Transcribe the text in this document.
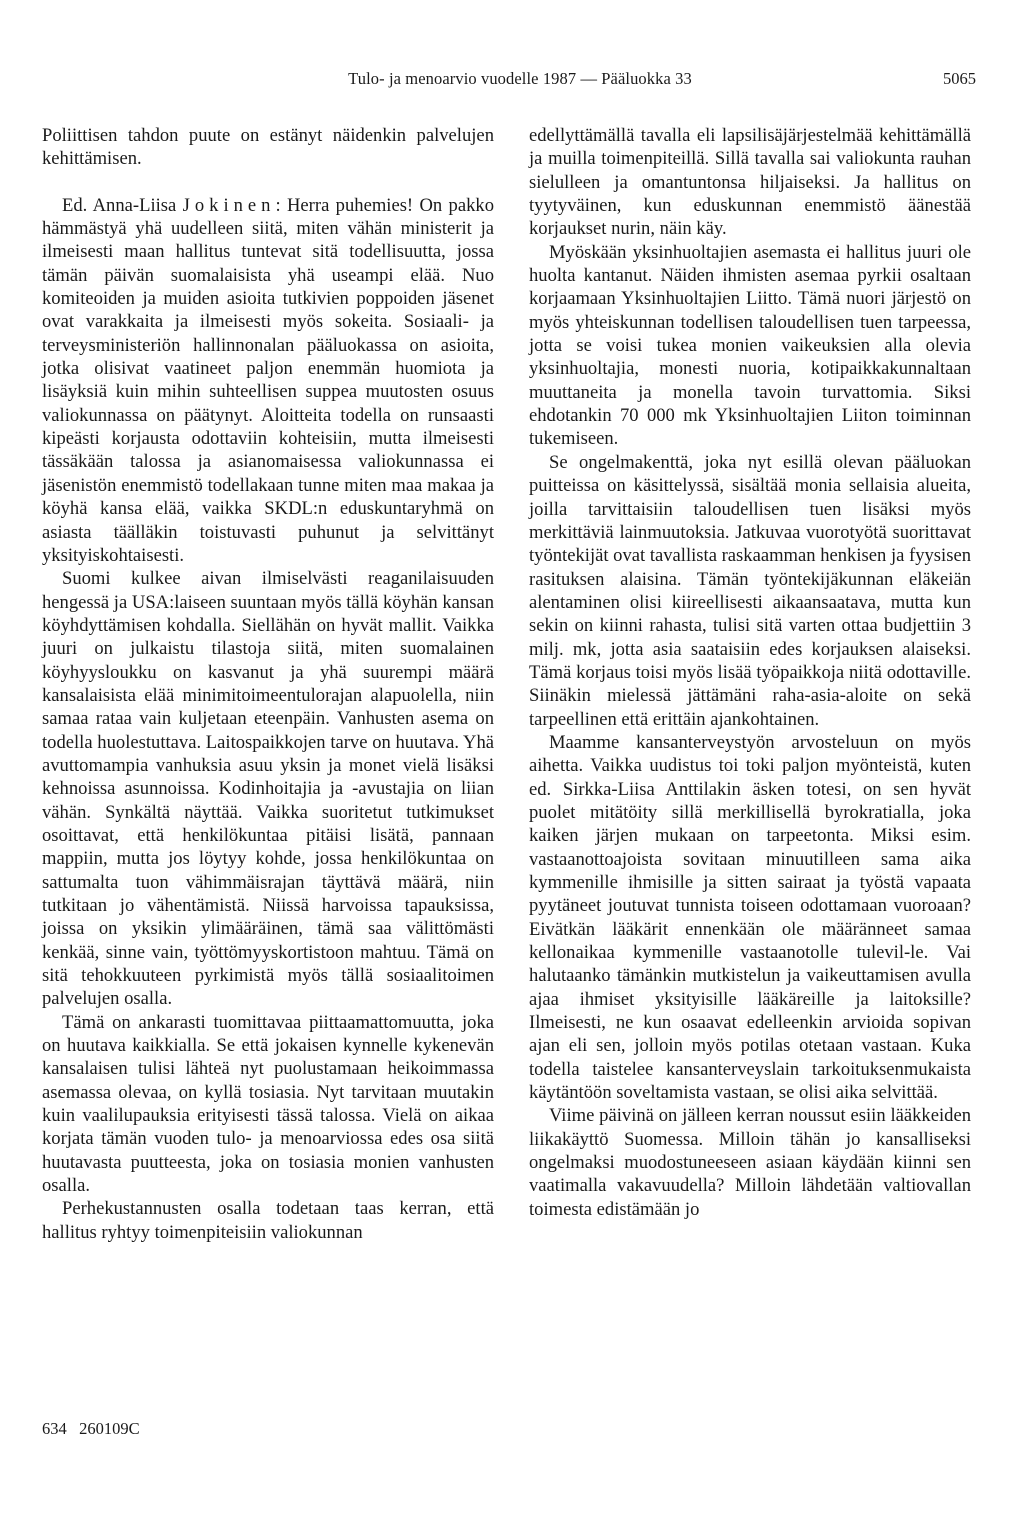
Tulo- ja menoarvio vuodelle 1987 — Pääluokka 33	5065

Poliittisen tahdon puute on estänyt näidenkin palvelujen kehittämisen.

Ed. Anna-Liisa Jokinen: Herra puhemies! On pakko hämmästyä yhä uudelleen siitä, miten vähän ministerit ja ilmeisesti maan hallitus tuntevat sitä todellisuutta, jossa tämän päivän suomalaisista yhä useampi elää. Nuo komiteoiden ja muiden asioita tutkivien poppoiden jäsenet ovat varakkaita ja ilmeisesti myös sokeita. Sosiaali- ja terveysministeriön hallinnonalan pääluokassa on asioita, jotka olisivat vaatineet paljon enemmän huomiota ja lisäyksiä kuin mihin suhteellisen suppea muutosten osuus valiokunnassa on päätynyt. Aloitteita todella on runsaasti kipeästi korjausta odottaviin kohteisiin, mutta ilmeisesti tässäkään talossa ja asianomaisessa valiokunnassa ei jäsenistön enemmistö todellakaan tunne miten maa makaa ja köyhä kansa elää, vaikka SKDL:n eduskuntaryhmä on asiasta täälläkin toistuvasti puhunut ja selvittänyt yksityiskohtaisesti.

Suomi kulkee aivan ilmiselvästi reaganilaisuuden hengessä ja USA:laiseen suuntaan myös tällä köyhän kansan köyhdyttämisen kohdalla. Siellähän on hyvät mallit. Vaikka juuri on julkaistu tilastoja siitä, miten suomalainen köyhyysloukku on kasvanut ja yhä suurempi määrä kansalaisista elää minimitoimeentulorajan alapuolella, niin samaa rataa vain kuljetaan eteenpäin. Vanhusten asema on todella huolestuttava. Laitospaikkojen tarve on huutava. Yhä avuttomampia vanhuksia asuu yksin ja monet vielä lisäksi kehnoissa asunnoissa. Kodinhoitajia ja -avustajia on liian vähän. Synkältä näyttää. Vaikka suoritetut tutkimukset osoittavat, että henkilökuntaa pitäisi lisätä, pannaan mappiin, mutta jos löytyy kohde, jossa henkilökuntaa on sattumalta tuon vähimmäisrajan täyttävä määrä, niin tutkitaan jo vähentämistä. Niissä harvoissa tapauksissa, joissa on yksikin ylimääräinen, tämä saa välittömästi kenkää, sinne vain, työttömyyskortistoon mahtuu. Tämä on sitä tehokkuuteen pyrkimistä myös tällä sosiaalitoimen palvelujen osalla.

Tämä on ankarasti tuomittavaa piittaamattomuutta, joka on huutava kaikkialla. Se että jokaisen kynnelle kykenevän kansalaisen tulisi lähteä nyt puolustamaan heikoimmassa asemassa olevaa, on kyllä tosiasia. Nyt tarvitaan muutakin kuin vaalilupauksia erityisesti tässä talossa. Vielä on aikaa korjata tämän vuoden tulo- ja menoarviossa edes osa siitä huutavasta puutteesta, joka on tosiasia monien vanhusten osalla.

Perhekustannusten osalla todetaan taas kerran, että hallitus ryhtyy toimenpiteisiin valiokunnan

edellyttämällä tavalla eli lapsilisäjärjestelmää kehittämällä ja muilla toimenpiteillä. Sillä tavalla sai valiokunta rauhan sielulleen ja omantuntonsa hiljaiseksi. Ja hallitus on tyytyväinen, kun eduskunnan enemmistö äänestää korjaukset nurin, näin käy.

Myöskään yksinhuoltajien asemasta ei hallitus juuri ole huolta kantanut. Näiden ihmisten asemaa pyrkii osaltaan korjaamaan Yksinhuoltajien Liitto. Tämä nuori järjestö on myös yhteiskunnan todellisen taloudellisen tuen tarpeessa, jotta se voisi tukea monien vaikeuksien alla olevia yksinhuoltajia, monesti nuoria, kotipaikkakunnaltaan muuttaneita ja monella tavoin turvattomia. Siksi ehdotankin 70 000 mk Yksinhuoltajien Liiton toiminnan tukemiseen.

Se ongelmakenttä, joka nyt esillä olevan pääluokan puitteissa on käsittelyssä, sisältää monia sellaisia alueita, joilla tarvittaisiin taloudellisen tuen lisäksi myös merkittäviä lainmuutoksia. Jatkuvaa vuorotyötä suorittavat työntekijät ovat tavallista raskaamman henkisen ja fyysisen rasituksen alaisina. Tämän työntekijäkunnan eläkeiän alentaminen olisi kiireellisesti aikaansaatava, mutta kun sekin on kiinni rahasta, tulisi sitä varten ottaa budjettiin 3 milj. mk, jotta asia saataisiin edes korjauksen alaiseksi. Tämä korjaus toisi myös lisää työpaikkoja niitä odottaville. Siinäkin mielessä jättämäni raha-asia-aloite on sekä tarpeellinen että erittäin ajankohtainen.

Maamme kansanterveystyön arvosteluun on myös aihetta. Vaikka uudistus toi toki paljon myönteistä, kuten ed. Sirkka-Liisa Anttilakin äsken totesi, on sen hyvät puolet mitätöity sillä merkillisellä byrokratialla, joka kaiken järjen mukaan on tarpeetonta. Miksi esim. vastaanottoajoista sovitaan minuutilleen sama aika kymmenille ihmisille ja sitten sairaat ja työstä vapaata pyytäneet joutuvat tunnista toiseen odottamaan vuoroaan? Eivätkän lääkärit ennenkään ole määränneet samaa kellonaikaa kymmenille vastaanotolle tulevil-le. Vai halutaanko tämänkin mutkistelun ja vaikeuttamisen avulla ajaa ihmiset yksityisille lääkäreille ja laitoksille? Ilmeisesti, ne kun osaavat edelleenkin arvioida sopivan ajan eli sen, jolloin myös potilas otetaan vastaan. Kuka todella taistelee kansanterveyslain tarkoituksenmukaista käytäntöön soveltamista vastaan, se olisi aika selvittää.

Viime päivinä on jälleen kerran noussut esiin lääkkeiden liikakäyttö Suomessa. Milloin tähän jo kansalliseksi ongelmaksi muodostuneeseen asiaan käydään kiinni sen vaatimalla vakavuudella? Milloin lähdetään valtiovallan toimesta edistämään jo

634   260109C
